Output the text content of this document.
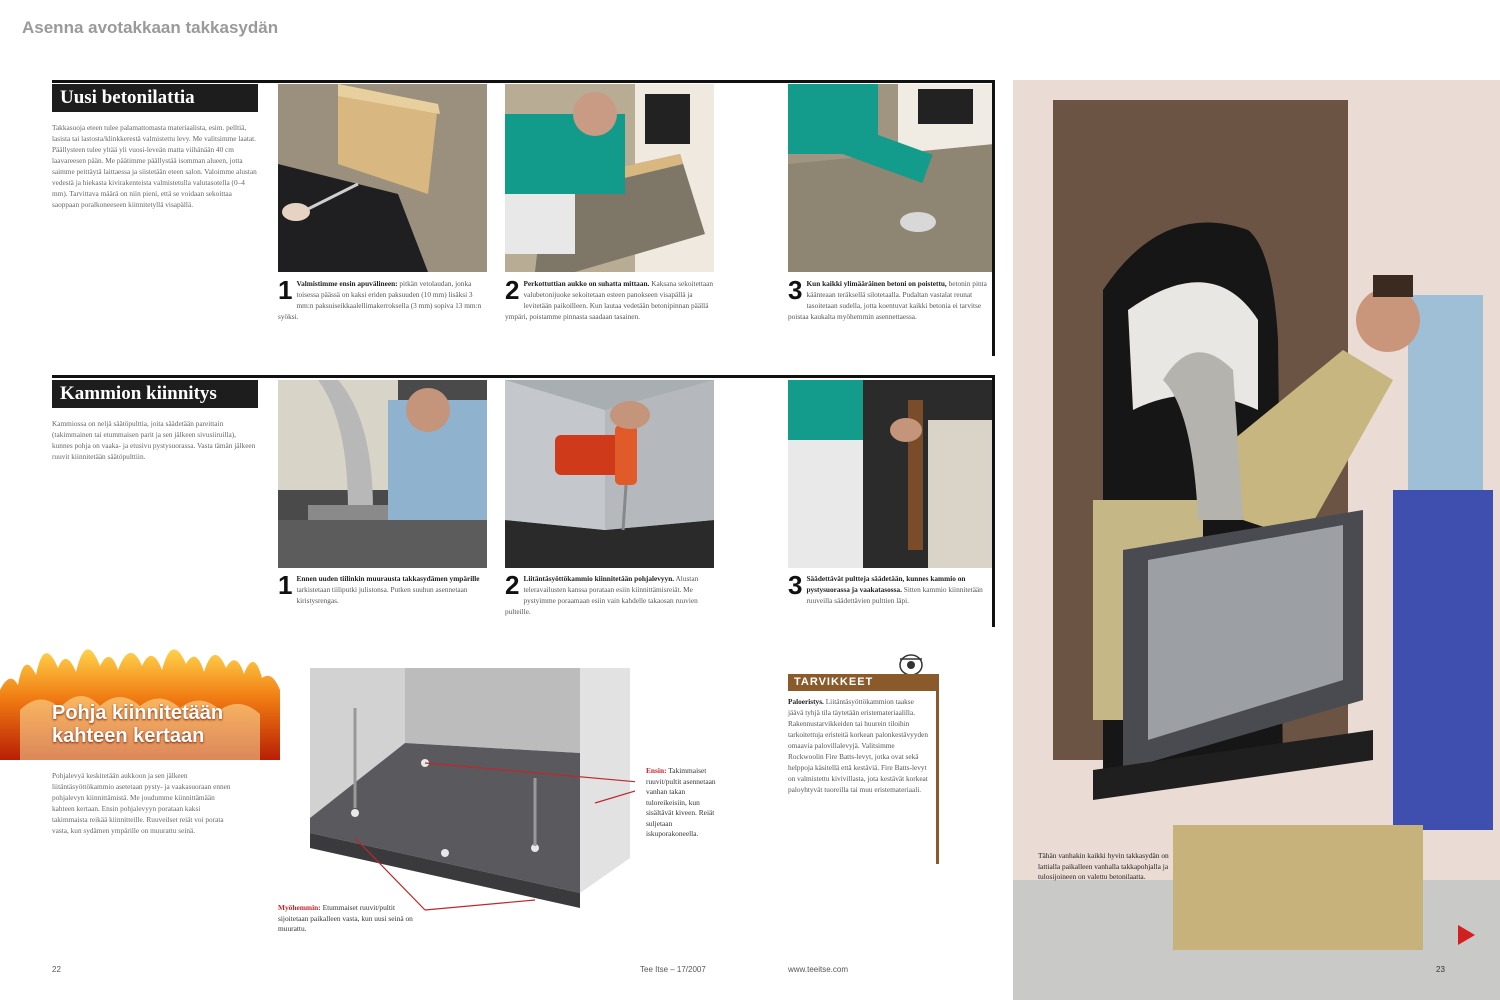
Asenna avotakkaan takkasydän
Uusi betonilattia
Takkasuoja eteen tulee palamattomasta materiaalista, esim. pelltiä, lasista tai lastosta/klinkkerestä valmistettu levy. Me valitsimme laatat. Päällysteen tulee yltää yli vuosi-leveän matta viihänään 40 cm laavareesen pään. Me päätimme päällystää isomman alueen, jotta saimme peittäytä laittaessa ja siistetään eteen salon. Valoimme alustan vedestä ja hiekasta kivirakenteista valmistetulla valutasotella (0–4 mm). Tarvittava määrä on niin pieni, että se voidaan sekoittaa saoppaan poralkoneeseen kiinnitetyllä visapällä.
1 Valmistimme ensin apuvälineen: pitkän vetolaudan, jonka toisessa päässä on kaksi eriden paksuuden (10 mm) lisäksi 3 mm:n paksuiseikkaalellimakerroksella (3 mm) sopiva 13 mm:n syöksi.
2 Perkottuttian aukko on suhatta mittaan. Kaksana sekoitettaan valubetonijuoke sekoitetaan esteen panokseen visapällä ja levitetään paikoilleen. Kun lautaa vedetään betonipinnan päällä ympäri, poistamme pinnasta saadaan tasainen.
3 Kun kaikki ylimääräinen betoni on poistettu, betonin pinta käänteaan teräksellä silotetaalla. Pudaltan vastalat reunat tasoitetaan sudella, jotta koentuvat kaikki betonia ei tarvitse poistaa kaukalta myöhemmin asennettaessa.
Kammion kiinnitys
Kammiossa on neljä säätöpulttia, joita säädetään pareittain (takimmainen tai etummaisen parit ja sen jälkeen sivusiiruilla), kunnes pohja on vaaka- ja etusivu pystysuorassa. Vasta tämän jälkeen ruuvit kiinnitetään säätöpulttiin.
1 Ennen uuden tiilinkin muurausta takkasydämen ympärille tarkistetaan tiiliputki julistonsa. Putken suuhun asennetaan kiristysrengas.
2 Liitäntäsyöttökammio kiinnitetään pohjalevyyn. Alustan teleravailusten kanssa porataan esiin kiinnittämisreiät. Me pystyimme poraamaan esiin vain kahdelle takaosan ruuvien pulteille.
3 Säädettävät pultteja säädetään, kunnes kammio on pystysuorassa ja vaakatasossa. Sitten kammio kiinnitetään ruuveilla säädettävien pulttien läpi.
Pohja kiinnitetään
kahteen kertaan
Pohjalevyä keskitetään aukkoon ja sen jälkeen liitäntäsyöttökammio asetetaan pysty- ja vaakasuoraan ennen pohjalevyn kiinnittämistä. Me joudumme kiinnittämään kahteen kertaan. Ensin pohjalevyyn porataan kaksi takimmaista reikää kiinnitteille. Ruuveilset reiät voi porata vasta, kun sydämen ympärille on muurattu seinä.
Ensin: Takimmaiset ruuvit/pultit asennetaan vanhan takan tuloreikeisiin, kun sisältävät kiveen. Reiät suljetaan iskuporakoneella.
Myöhemmin: Etummaiset ruuvit/pultit sijoitetaan paikalleen vasta, kun uusi seinä on muurattu.
TARVIKKEET
Paloeristys. Liitäntäsyöttökammion taakse jäävä tyhjä tila täytetään eristemateriaalilla. Rakennustarvikkeiden tai huurein tiloihin tarkoitettuja eristeitä korkean palonkestävyyden omaavia palovillalevyjä. Valitsimme Rockwoolin Fire Batts-levyt, jotka ovat sekä helppoja käsitellä että kestäviä. Fire Batts-levyt on valmistettu kivivillasta, jota kestävät korkeat paloyhtyvät tuoreilla tai muu eristemateriaali.
Tähän vanhakin kaikki hyvin takkasydän on lattialla paikalleen vanhalla takkapohjalla ja tulosijoineen on valettu betonilaatta.
22	Tee Itse – 17/2007	www.teeitse.com	23
